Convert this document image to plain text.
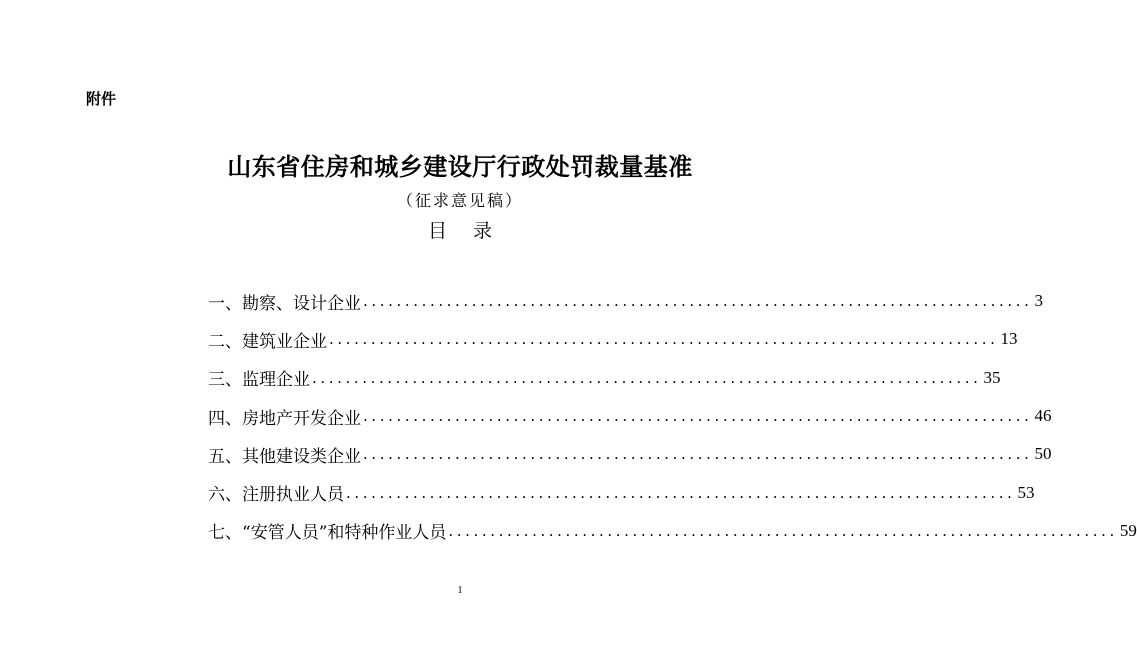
附件
山东省住房和城乡建设厅行政处罚裁量基准
（征求意见稿）
目 录
一、勘察、设计企业 ................................................................................ 3
二、建筑业企业 ................................................................................ 13
三、监理企业 ................................................................................ 35
四、房地产开发企业 ................................................................................ 46
五、其他建设类企业 ................................................................................ 50
六、注册执业人员 ................................................................................ 53
七、“安管人员”和特种作业人员 ................................................................................ 59
1
